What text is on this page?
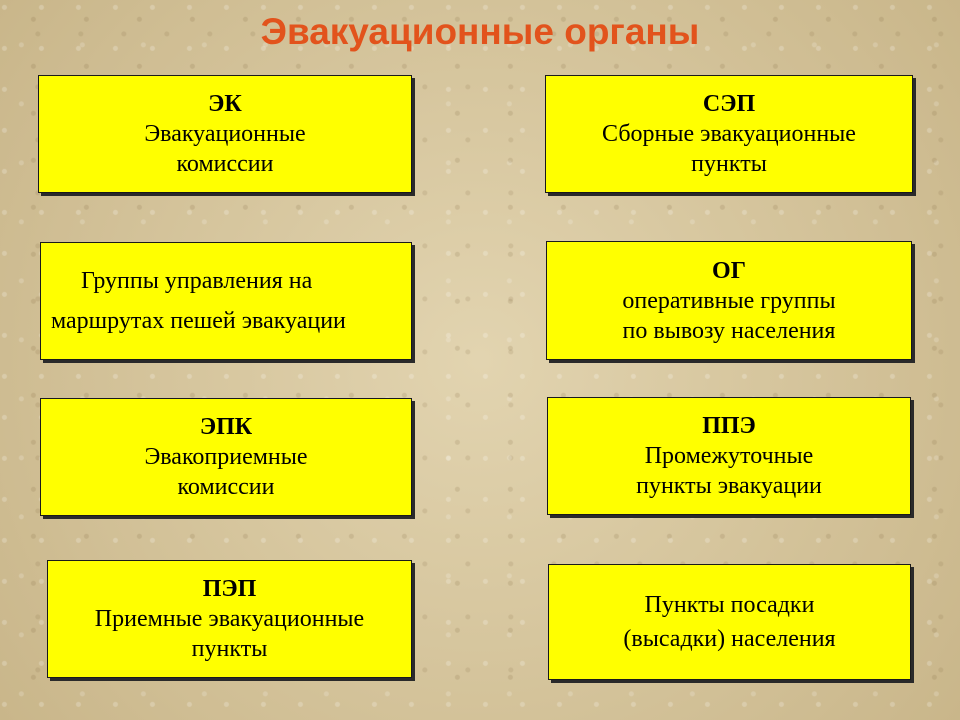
Эвакуационные органы
ЭК
Эвакуационные
комиссии
Группы управления на
маршрутах пешей эвакуации
ЭПК
Эвакоприемные
комиссии
ПЭП
Приемные эвакуационные
пункты
СЭП
Сборные эвакуационные
пункты
ОГ
оперативные группы
по вывозу населения
ППЭ
Промежуточные
пункты эвакуации
Пункты посадки
(высадки) населения
